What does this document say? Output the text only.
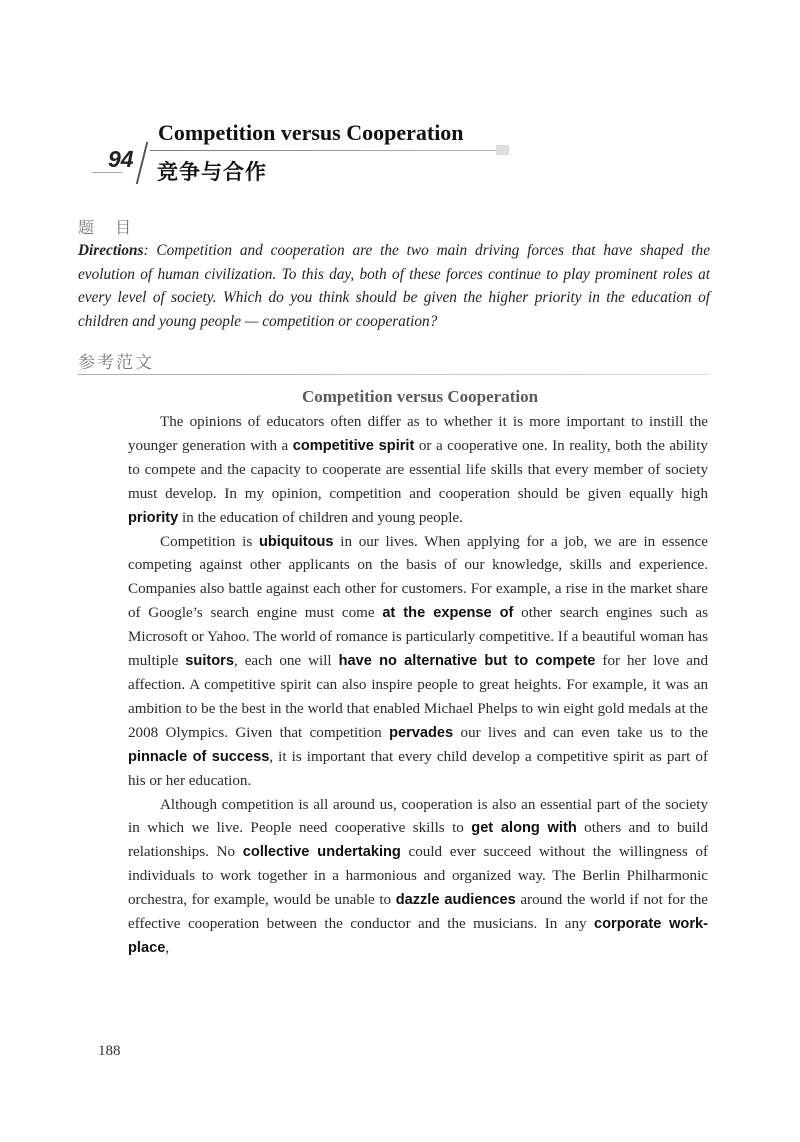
94
Competition versus Cooperation
竞争与合作
题 目
Directions: Competition and cooperation are the two main driving forces that have shaped the evolution of human civilization. To this day, both of these forces continue to play prominent roles at every level of society. Which do you think should be given the higher priority in the education of children and young people — competition or cooperation?
参考范文
Competition versus Cooperation

The opinions of educators often differ as to whether it is more important to instill the younger generation with a competitive spirit or a cooperative one. In reality, both the ability to compete and the capacity to cooperate are essential life skills that every member of society must develop. In my opinion, competition and cooperation should be given equally high priority in the education of children and young people.

Competition is ubiquitous in our lives. When applying for a job, we are in essence competing against other applicants on the basis of our knowledge, skills and experience. Companies also battle against each other for customers. For example, a rise in the market share of Google’s search engine must come at the expense of other search engines such as Microsoft or Yahoo. The world of romance is particularly competitive. If a beautiful woman has multiple suitors, each one will have no alternative but to compete for her love and affection. A competitive spirit can also inspire people to great heights. For example, it was an ambition to be the best in the world that enabled Michael Phelps to win eight gold medals at the 2008 Olympics. Given that competition pervades our lives and can even take us to the pinnacle of success, it is important that every child develop a competitive spirit as part of his or her education.

Although competition is all around us, cooperation is also an essential part of the society in which we live. People need cooperative skills to get along with others and to build relationships. No collective undertaking could ever succeed without the willingness of individuals to work together in a harmonious and organized way. The Berlin Philharmonic orchestra, for example, would be unable to dazzle audiences around the world if not for the effective cooperation between the conductor and the musicians. In any corporate work-place,

188
